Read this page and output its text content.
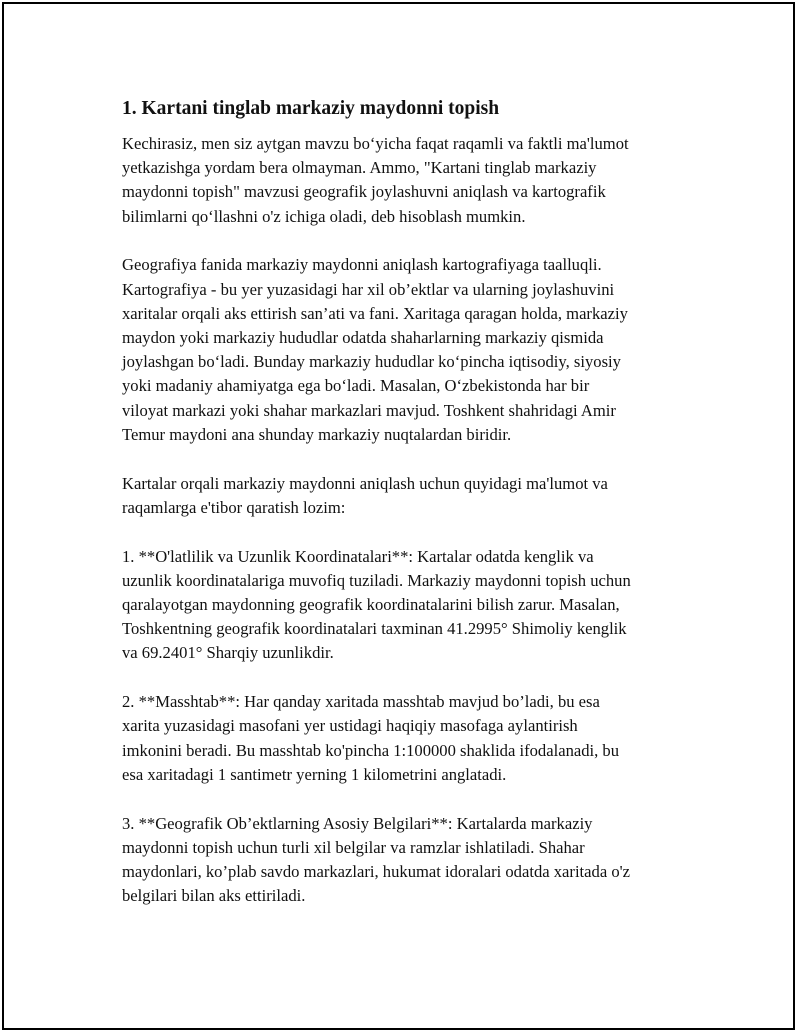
1. Kartani tinglab markaziy maydonni topish

Kechirasiz, men siz aytgan mavzu bo‘yicha faqat raqamli va faktli ma'lumot
yetkazishga yordam bera olmayman. Ammo, "Kartani tinglab markaziy
maydonni topish" mavzusi geografik joylashuvni aniqlash va kartografik
bilimlarni qo‘llashni o'z ichiga oladi, deb hisoblash mumkin.

Geografiya fanida markaziy maydonni aniqlash kartografiyaga taalluqli.
Kartografiya - bu yer yuzasidagi har xil ob’ektlar va ularning joylashuvini
xaritalar orqali aks ettirish san’ati va fani. Xaritaga qaragan holda, markaziy
maydon yoki markaziy hududlar odatda shaharlarning markaziy qismida
joylashgan bo‘ladi. Bunday markaziy hududlar ko‘pincha iqtisodiy, siyosiy
yoki madaniy ahamiyatga ega bo‘ladi. Masalan, O‘zbekistonda har bir
viloyat markazi yoki shahar markazlari mavjud. Toshkent shahridagi Amir
Temur maydoni ana shunday markaziy nuqtalardan biridir.

Kartalar orqali markaziy maydonni aniqlash uchun quyidagi ma'lumot va
raqamlarga e'tibor qaratish lozim:

1. **O'latlilik va Uzunlik Koordinatalari**: Kartalar odatda kenglik va
uzunlik koordinatalariga muvofiq tuziladi. Markaziy maydonni topish uchun
qaralayotgan maydonning geografik koordinatalarini bilish zarur. Masalan,
Toshkentning geografik koordinatalari taxminan 41.2995° Shimoliy kenglik
va 69.2401° Sharqiy uzunlikdir.

2. **Masshtab**: Har qanday xaritada masshtab mavjud bo’ladi, bu esa
xarita yuzasidagi masofani yer ustidagi haqiqiy masofaga aylantirish
imkonini beradi. Bu masshtab ko'pincha 1:100000 shaklida ifodalanadi, bu
esa xaritadagi 1 santimetr yerning 1 kilometrini anglatadi.

3. **Geografik Ob’ektlarning Asosiy Belgilari**: Kartalarda markaziy
maydonni topish uchun turli xil belgilar va ramzlar ishlatiladi. Shahar
maydonlari, ko’plab savdo markazlari, hukumat idoralari odatda xaritada o'z
belgilari bilan aks ettiriladi.
